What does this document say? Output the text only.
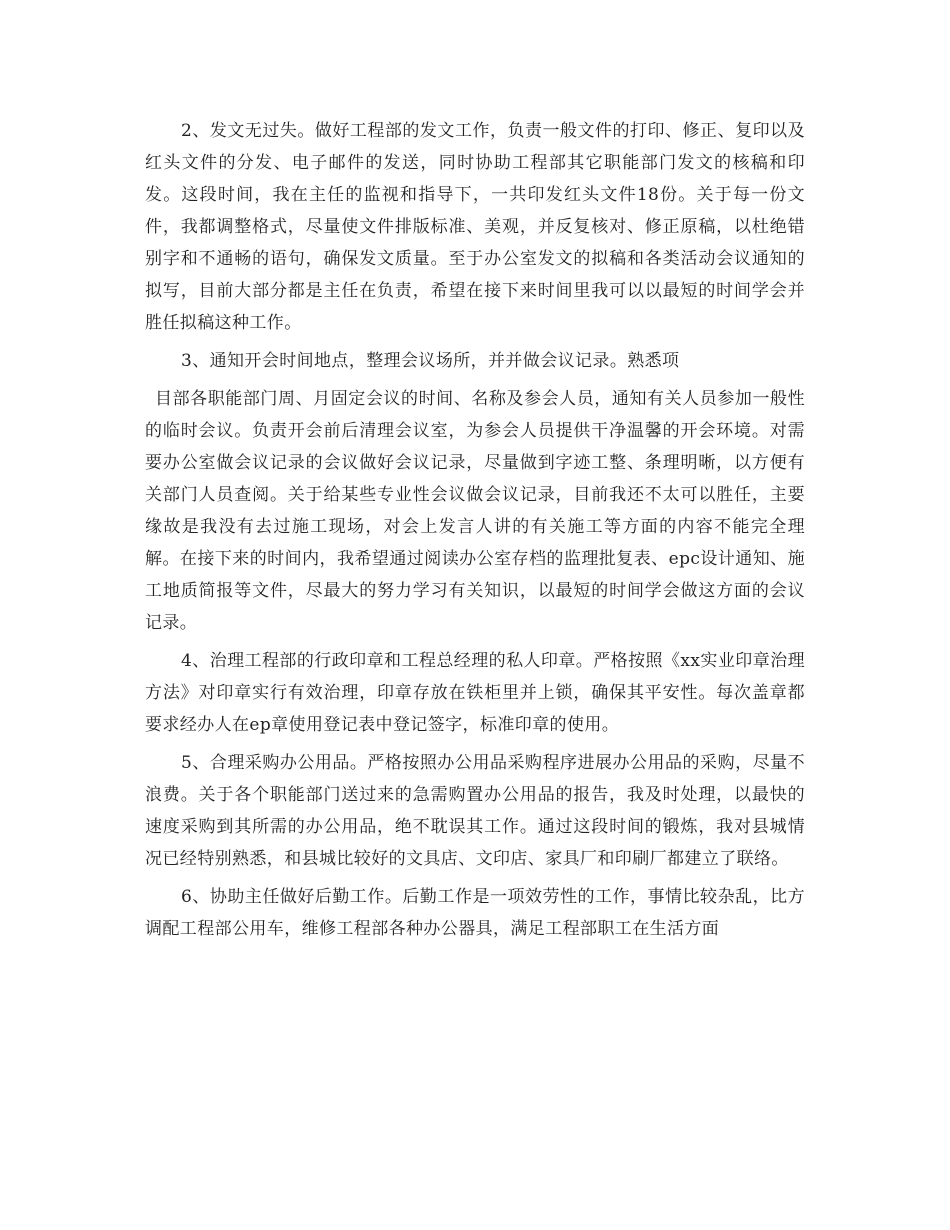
2、发文无过失。做好工程部的发文工作，负责一般文件的打印、修正、复印以及红头文件的分发、电子邮件的发送，同时协助工程部其它职能部门发文的核稿和印发。这段时间，我在主任的监视和指导下，一共印发红头文件18份。关于每一份文件，我都调整格式，尽量使文件排版标准、美观，并反复核对、修正原稿，以杜绝错别字和不通畅的语句，确保发文质量。至于办公室发文的拟稿和各类活动会议通知的拟写，目前大部分都是主任在负责，希望在接下来时间里我可以以最短的时间学会并胜任拟稿这种工作。

3、通知开会时间地点，整理会议场所，并并做会议记录。熟悉项

目部各职能部门周、月固定会议的时间、名称及参会人员，通知有关人员参加一般性的临时会议。负责开会前后清理会议室，为参会人员提供干净温馨的开会环境。对需要办公室做会议记录的会议做好会议记录，尽量做到字迹工整、条理明晰，以方便有关部门人员查阅。关于给某些专业性会议做会议记录，目前我还不太可以胜任，主要缘故是我没有去过施工现场，对会上发言人讲的有关施工等方面的内容不能完全理解。在接下来的时间内，我希望通过阅读办公室存档的监理批复表、epc设计通知、施工地质简报等文件，尽最大的努力学习有关知识，以最短的时间学会做这方面的会议记录。

4、治理工程部的行政印章和工程总经理的私人印章。严格按照《xx实业印章治理方法》对印章实行有效治理，印章存放在铁柜里并上锁，确保其平安性。每次盖章都要求经办人在ep章使用登记表中登记签字，标准印章的使用。

5、合理采购办公用品。严格按照办公用品采购程序进展办公用品的采购，尽量不浪费。关于各个职能部门送过来的急需购置办公用品的报告，我及时处理，以最快的速度采购到其所需的办公用品，绝不耽误其工作。通过这段时间的锻炼，我对县城情况已经特别熟悉，和县城比较好的文具店、文印店、家具厂和印刷厂都建立了联络。

6、协助主任做好后勤工作。后勤工作是一项效劳性的工作，事情比较杂乱，比方调配工程部公用车，维修工程部各种办公器具，满足工程部职工在生活方面
